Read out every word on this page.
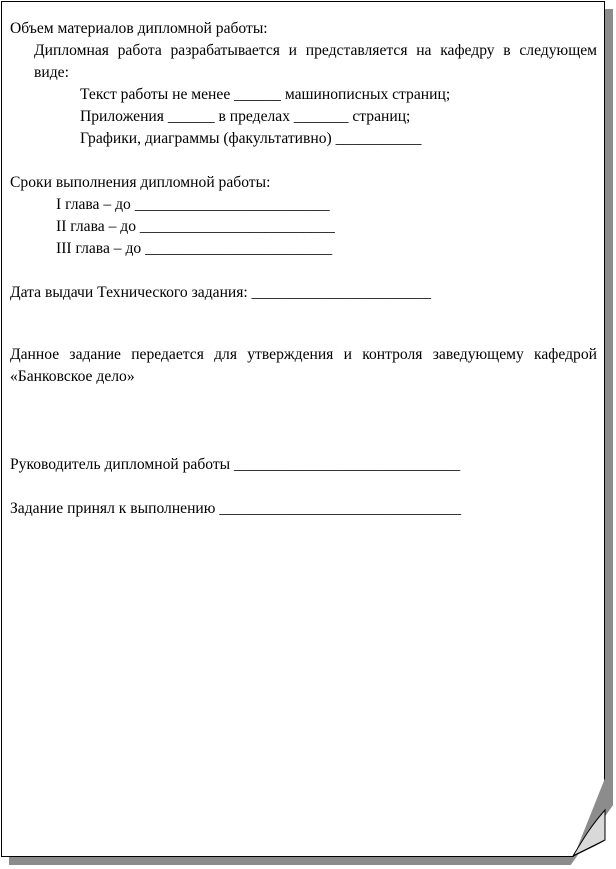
Объем материалов дипломной работы:
Дипломная работа разрабатывается и представляется на кафедру в следующем виде:
Текст работы не менее ______ машинописных страниц;
Приложения ______ в пределах _______ страниц;
Графики, диаграммы (факультативно) ___________
Сроки выполнения дипломной работы:
I глава – до _________________________
II глава – до _________________________
III глава – до ________________________
Дата выдачи Технического задания: _______________________
Данное задание передается для утверждения и контроля заведующему кафедрой «Банковское дело»
Руководитель дипломной работы _____________________________
Задание принял к выполнению _______________________________
